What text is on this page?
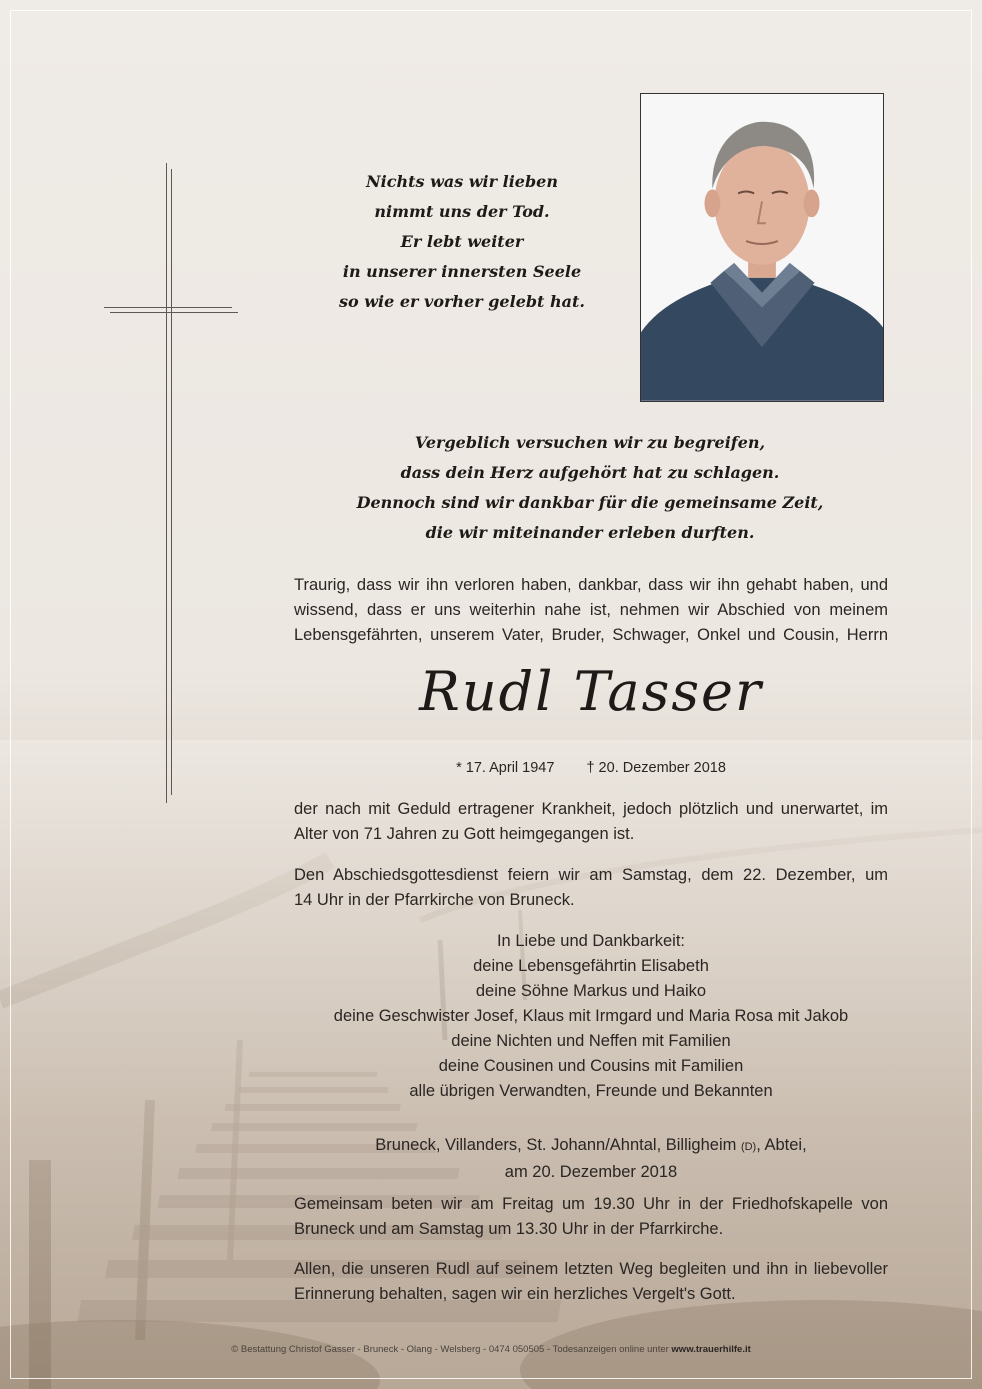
Nichts was wir lieben
nimmt uns der Tod.
Er lebt weiter
in unserer innersten Seele
so wie er vorher gelebt hat.
Vergeblich versuchen wir zu begreifen,
dass dein Herz aufgehört hat zu schlagen.
Dennoch sind wir dankbar für die gemeinsame Zeit,
die wir miteinander erleben durften.
Traurig, dass wir ihn verloren haben, dankbar, dass wir ihn gehabt haben, und
wissend, dass er uns weiterhin nahe ist, nehmen wir Abschied von meinem
Lebensgefährten, unserem Vater, Bruder, Schwager, Onkel und Cousin, Herrn
Rudl Tasser
* 17. April 1947 † 20. Dezember 2018
der nach mit Geduld ertragener Krankheit, jedoch plötzlich und unerwartet, im
Alter von 71 Jahren zu Gott heimgegangen ist.
Den Abschiedsgottesdienst feiern wir am Samstag, dem 22. Dezember, um
14 Uhr in der Pfarrkirche von Bruneck.
In Liebe und Dankbarkeit:
deine Lebensgefährtin Elisabeth
deine Söhne Markus und Haiko
deine Geschwister Josef, Klaus mit Irmgard und Maria Rosa mit Jakob
deine Nichten und Neffen mit Familien
deine Cousinen und Cousins mit Familien
alle übrigen Verwandten, Freunde und Bekannten
Bruneck, Villanders, St. Johann/Ahntal, Billigheim (D), Abtei,
am 20. Dezember 2018
Gemeinsam beten wir am Freitag um 19.30 Uhr in der Friedhofskapelle von
Bruneck und am Samstag um 13.30 Uhr in der Pfarrkirche.
Allen, die unseren Rudl auf seinem letzten Weg begleiten und ihn in liebevoller
Erinnerung behalten, sagen wir ein herzliches Vergelt's Gott.
© Bestattung Christof Gasser - Bruneck - Olang - Welsberg - 0474 050505 - Todesanzeigen online unter www.trauerhilfe.it
